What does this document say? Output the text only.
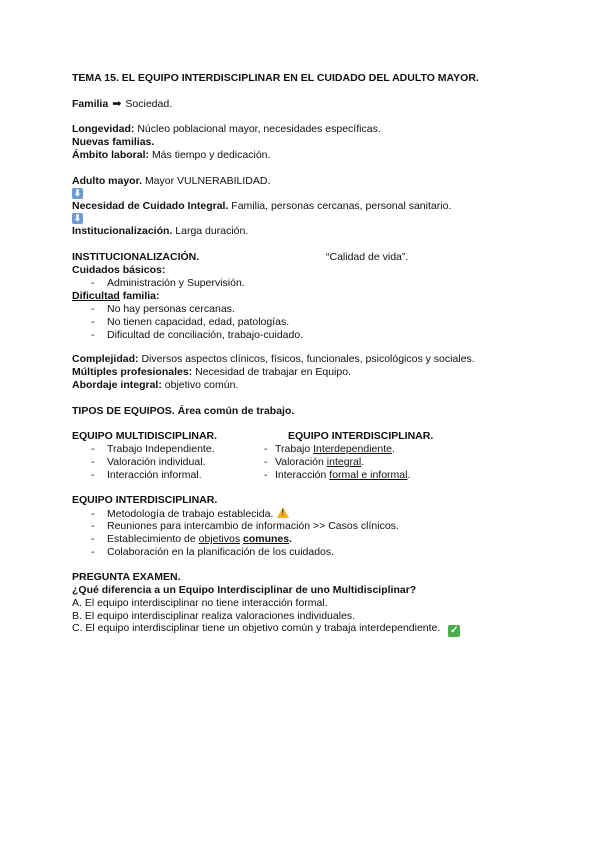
TEMA 15. EL EQUIPO INTERDISCIPLINAR EN EL CUIDADO DEL ADULTO MAYOR.
Familia ➡ Sociedad.
Longevidad: Núcleo poblacional mayor, necesidades específicas.
Nuevas familias.
Ámbito laboral: Más tiempo y dedicación.
Adulto mayor. Mayor VULNERABILIDAD.
⬇
Necesidad de Cuidado Integral. Familia, personas cercanas, personal sanitario.
⬇
Institucionalización. Larga duración.
INSTITUCIONALIZACIÓN.	“Calidad de vida”.
Cuidados básicos:
- Administración y Supervisión.
Dificultad familia:
- No hay personas cercanas.
- No tienen capacidad, edad, patologías.
- Dificultad de conciliación, trabajo-cuidado.
Complejidad: Diversos aspectos clínicos, físicos, funcionales, psicológicos y sociales.
Múltiples profesionales: Necesidad de trabajar en Equipo.
Abordaje integral: objetivo común.
TIPOS DE EQUIPOS. Área común de trabajo.
EQUIPO MULTIDISCIPLINAR.	EQUIPO INTERDISCIPLINAR.
- Trabajo Independiente.
- Valoración individual.
- Interacción informal.
- Trabajo Interdependiente.
- Valoración integral.
- Interacción formal e informal.
EQUIPO INTERDISCIPLINAR.
- Metodología de trabajo establecida.!
- Reuniones para intercambio de información >> Casos clínicos.
- Establecimiento de objetivos comunes.
- Colaboración en la planificación de los cuidados.
PREGUNTA EXAMEN.
¿Qué diferencia a un Equipo Interdisciplinar de uno Multidisciplinar?
A. El equipo interdisciplinar no tiene interacción formal.
B. El equipo interdisciplinar realiza valoraciones individuales.
C. El equipo interdisciplinar tiene un objetivo común y trabaja interdependiente. ✓
